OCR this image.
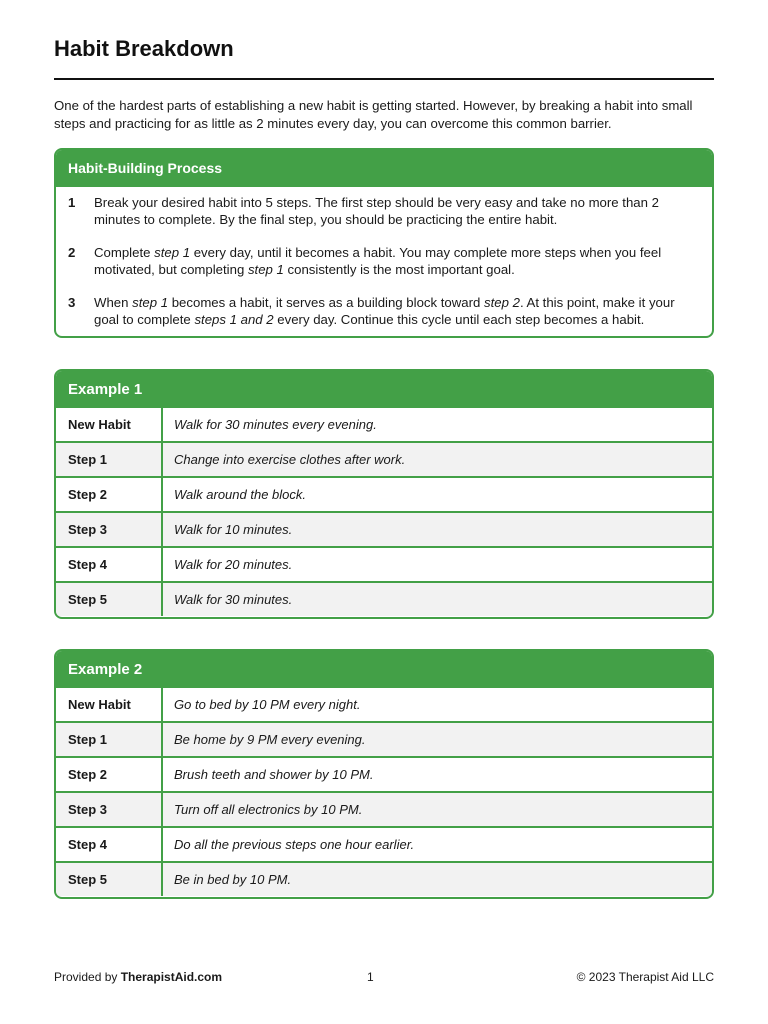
Habit Breakdown
One of the hardest parts of establishing a new habit is getting started. However, by breaking a habit into small steps and practicing for as little as 2 minutes every day, you can overcome this common barrier.
Habit-Building Process
1 Break your desired habit into 5 steps. The first step should be very easy and take no more than 2 minutes to complete. By the final step, you should be practicing the entire habit.
2 Complete step 1 every day, until it becomes a habit. You may complete more steps when you feel motivated, but completing step 1 consistently is the most important goal.
3 When step 1 becomes a habit, it serves as a building block toward step 2. At this point, make it your goal to complete steps 1 and 2 every day. Continue this cycle until each step becomes a habit.
Example 1
New Habit	Walk for 30 minutes every evening.
Step 1	Change into exercise clothes after work.
Step 2	Walk around the block.
Step 3	Walk for 10 minutes.
Step 4	Walk for 20 minutes.
Step 5	Walk for 30 minutes.
Example 2
New Habit	Go to bed by 10 PM every night.
Step 1	Be home by 9 PM every evening.
Step 2	Brush teeth and shower by 10 PM.
Step 3	Turn off all electronics by 10 PM.
Step 4	Do all the previous steps one hour earlier.
Step 5	Be in bed by 10 PM.
Provided by TherapistAid.com	1	© 2023 Therapist Aid LLC
